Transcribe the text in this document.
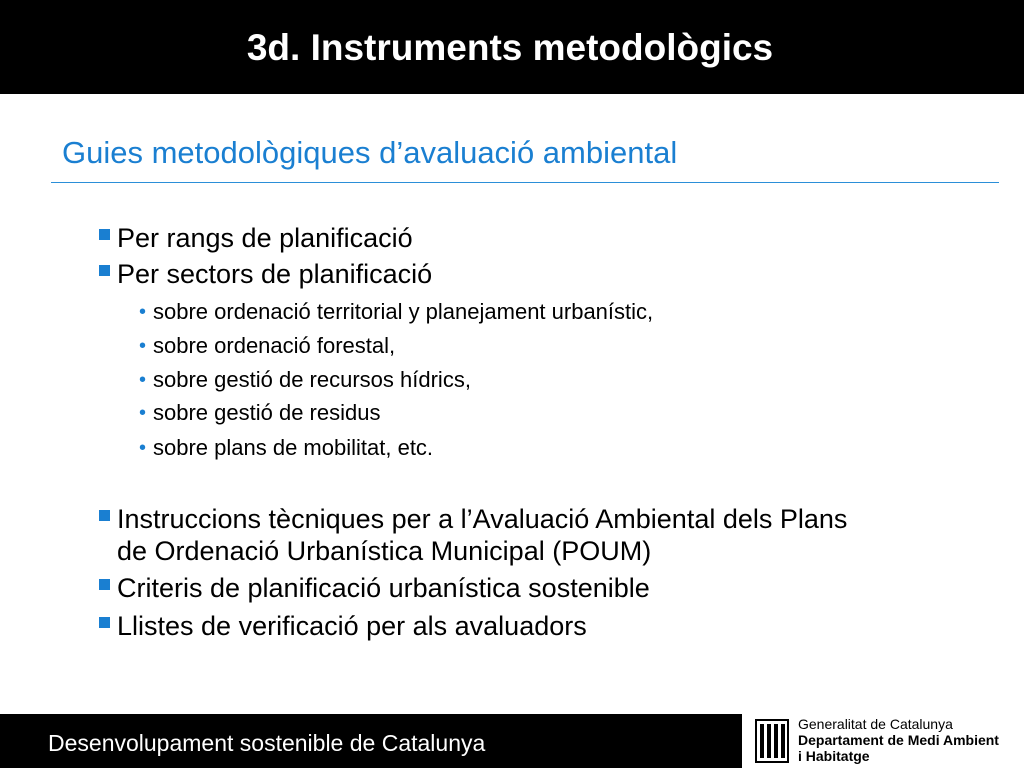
3d. Instruments metodològics
Guies metodològiques d’avaluació ambiental
Per rangs de planificació
Per sectors de planificació
• sobre ordenació territorial y planejament urbanístic,
• sobre ordenació forestal,
• sobre gestió de recursos hídrics,
• sobre gestió de residus
• sobre plans de mobilitat, etc.
Instruccions tècniques per a l’Avaluació Ambiental dels Plans
de Ordenació Urbanística Municipal (POUM)
Criteris de planificació urbanística sostenible
Llistes de verificació per als avaluadors
Desenvolupament sostenible de Catalunya
Generalitat de Catalunya
Departament de Medi Ambient
i Habitatge
